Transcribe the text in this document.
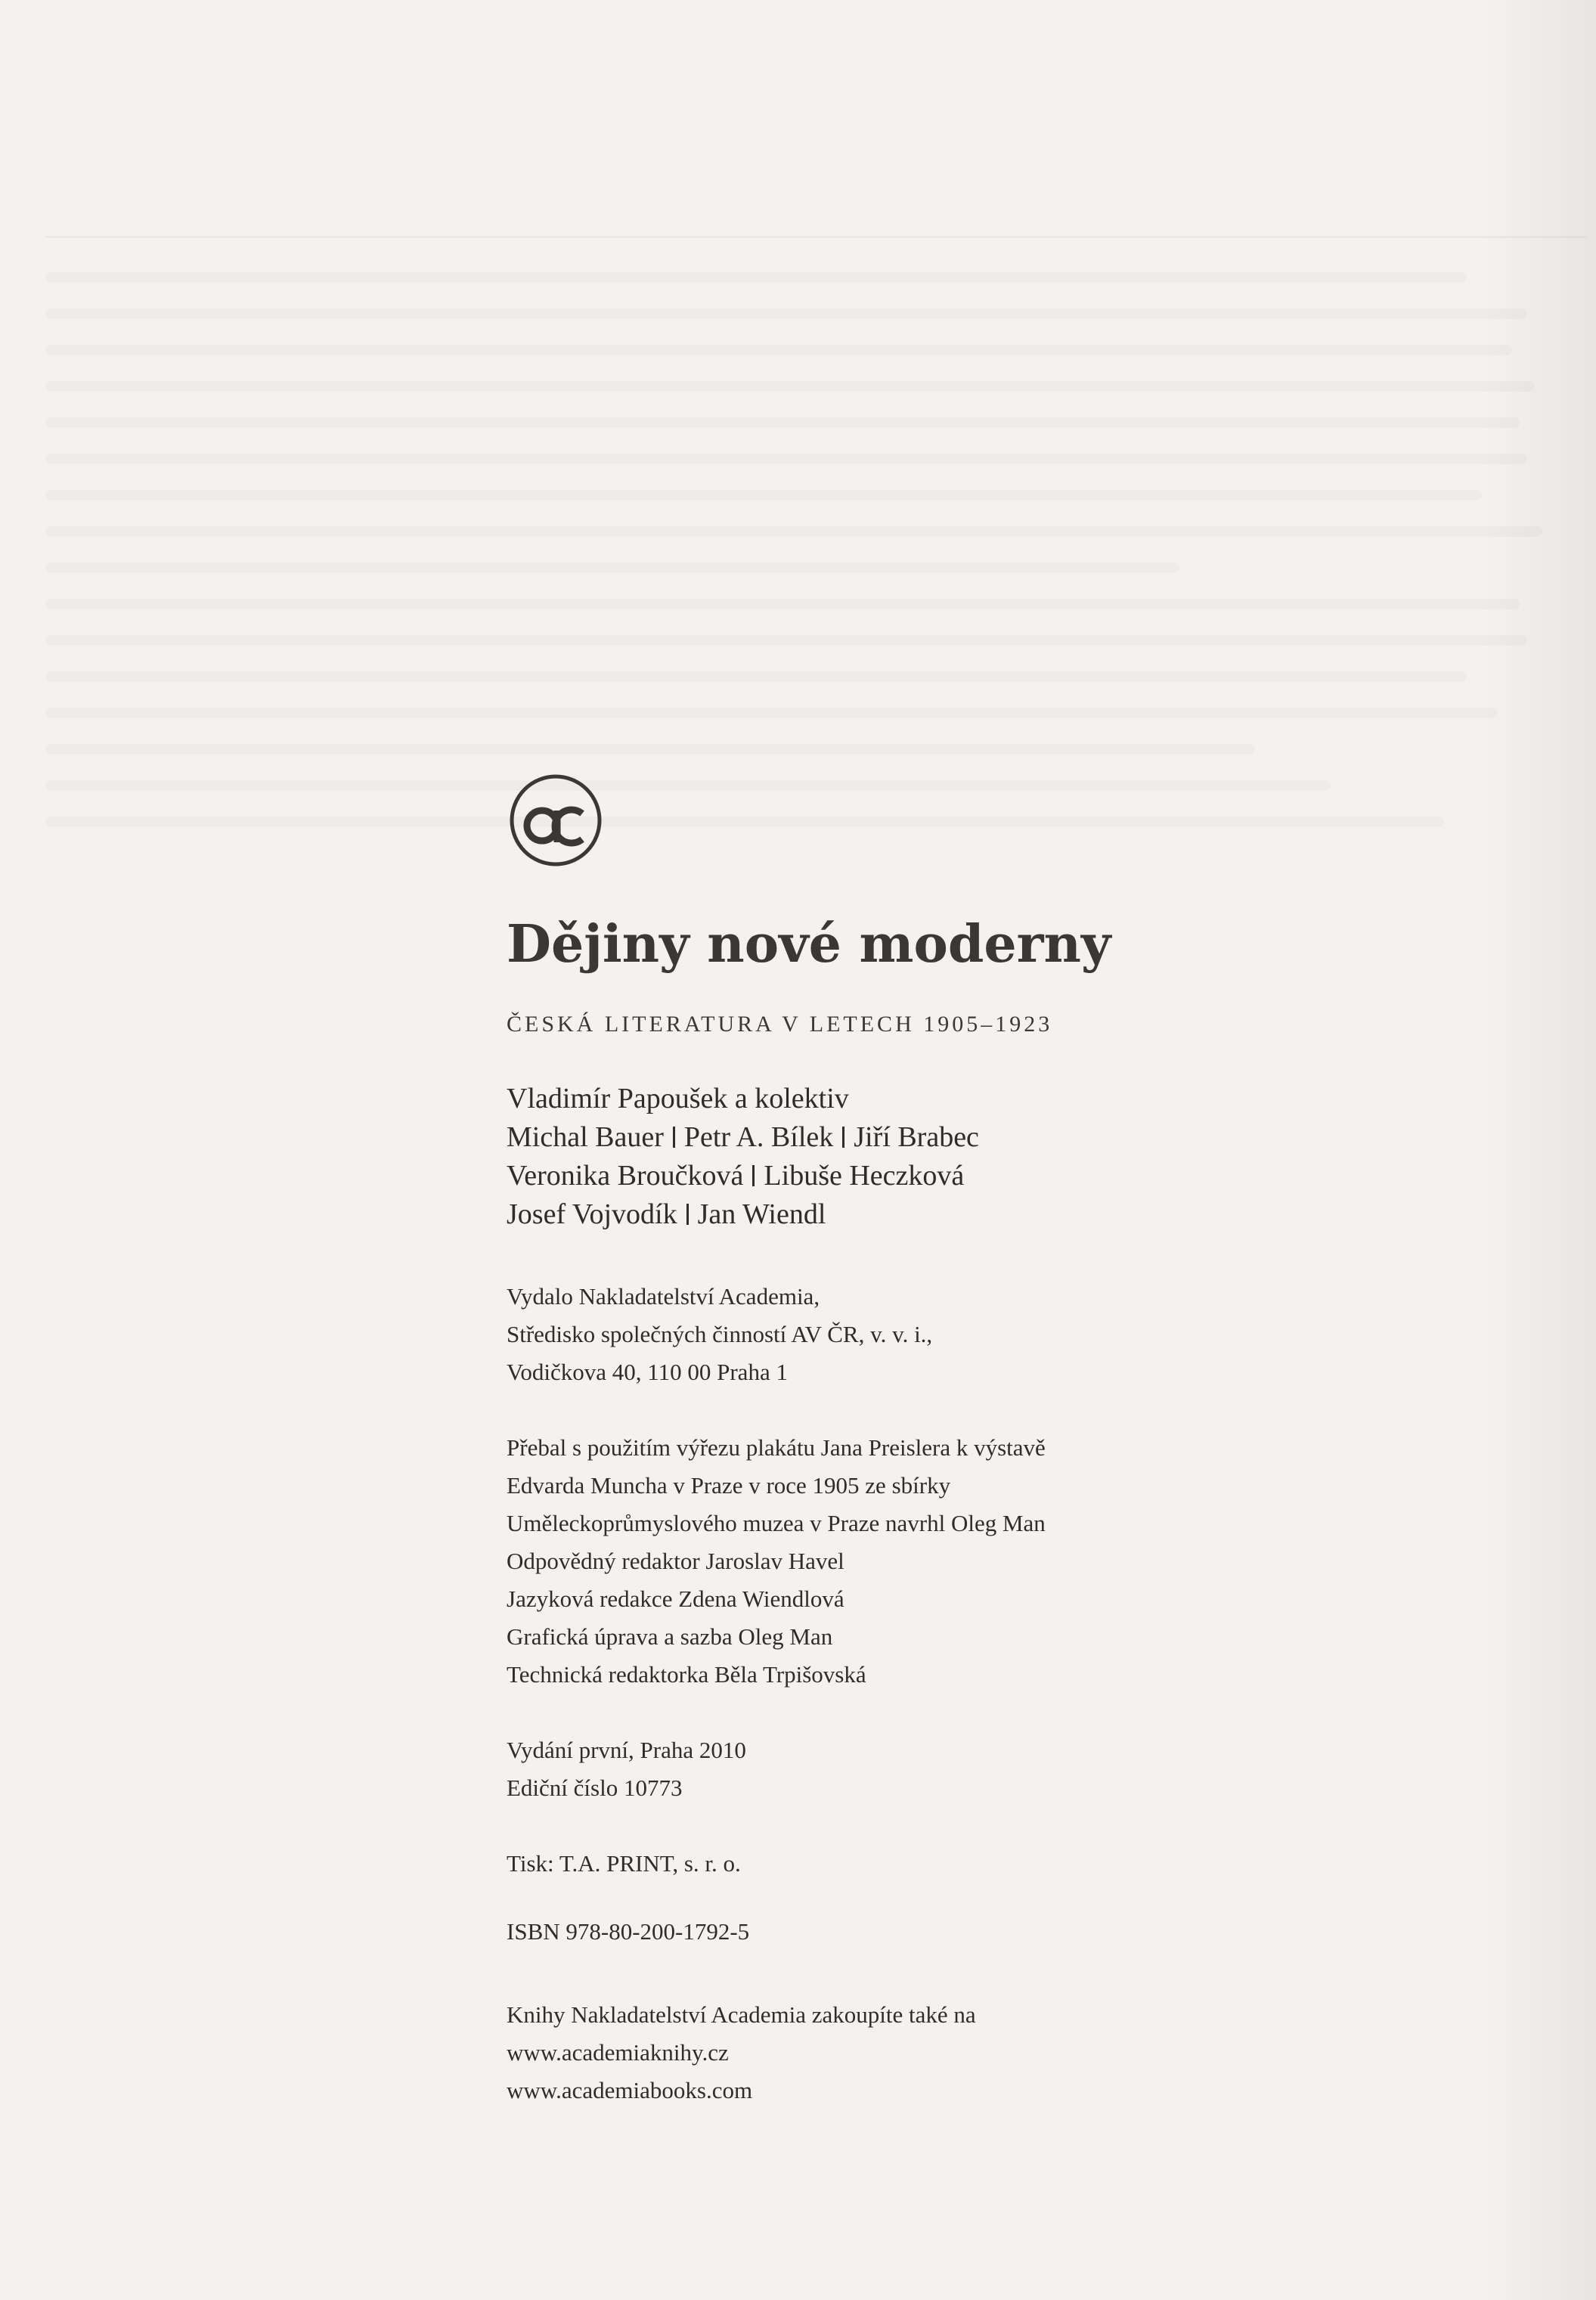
Dějiny nové moderny

ČESKÁ LITERATURA V LETECH 1905–1923

Vladimír Papoušek a kolektiv
Michal Bauer Petr A. Bílek Jiří Brabec
Veronika Broučková Libuše Heczková
Josef Vojvodík Jan Wiendl
Vydalo Nakladatelství Academia,
Středisko společných činností AV ČR, v. v. i.,
Vodičkova 40, 110 00 Praha 1
Přebal s použitím výřezu plakátu Jana Preislera k výstavě
Edvarda Muncha v Praze v roce 1905 ze sbírky
Uměleckoprůmyslového muzea v Praze navrhl Oleg Man
Odpovědný redaktor Jaroslav Havel
Jazyková redakce Zdena Wiendlová
Grafická úprava a sazba Oleg Man
Technická redaktorka Běla Trpišovská
Vydání první, Praha 2010
Ediční číslo 10773
Tisk: T.A. PRINT, s. r. o.
ISBN 978-80-200-1792-5
Knihy Nakladatelství Academia zakoupíte také na
www.academiaknihy.cz
www.academiabooks.com
